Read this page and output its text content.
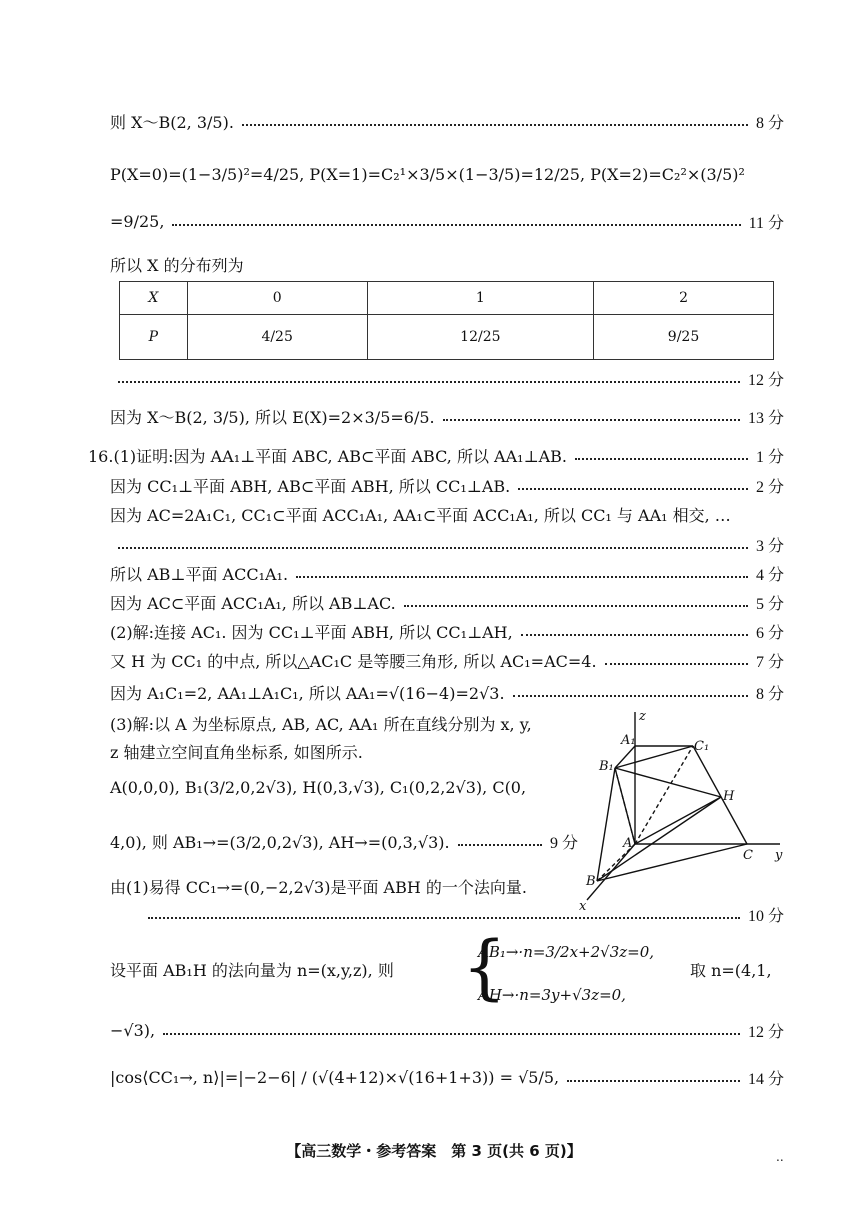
则 X～B(2, 3/5).	8 分
P(X=0)=(1−3/5)²=4/25, P(X=1)=C₂¹×3/5×(1−3/5)=12/25, P(X=2)=C₂²×(3/5)²
=9/25,	11 分
所以 X 的分布列为
12 分
因为 X～B(2, 3/5), 所以 E(X)=2×3/5=6/5.	13 分
16.(1)证明:因为 AA₁⊥平面 ABC, AB⊂平面 ABC, 所以 AA₁⊥AB.	1 分
因为 CC₁⊥平面 ABH, AB⊂平面 ABH, 所以 CC₁⊥AB.	2 分
因为 AC=2A₁C₁, CC₁⊂平面 ACC₁A₁, AA₁⊂平面 ACC₁A₁, 所以 CC₁ 与 AA₁ 相交, …
3 分
所以 AB⊥平面 ACC₁A₁.	4 分
因为 AC⊂平面 ACC₁A₁, 所以 AB⊥AC.	5 分
(2)解:连接 AC₁. 因为 CC₁⊥平面 ABH, 所以 CC₁⊥AH,	6 分
又 H 为 CC₁ 的中点, 所以△AC₁C 是等腰三角形, 所以 AC₁=AC=4.	7 分
因为 A₁C₁=2, AA₁⊥A₁C₁, 所以 AA₁=√(16−4)=2√3.	8 分
(3)解:以 A 为坐标原点, AB, AC, AA₁ 所在直线分别为 x, y,
z 轴建立空间直角坐标系, 如图所示.
A(0,0,0), B₁(3/2,0,2√3), H(0,3,√3), C₁(0,2,2√3), C(0,
4,0), 则 AB₁→=(3/2,0,2√3), AH→=(0,3,√3).	9 分
由(1)易得 CC₁→=(0,−2,2√3)是平面 ABH 的一个法向量.
10 分
设平面 AB₁H 的法向量为 n=(x,y,z), 则	取 n=(4,1,
−√3),	12 分
|cos⟨CC₁→, n⟩|=|−2−6| / (√(4+12)×√(16+1+3)) = √5/5,	14 分
X	0	1	2
P	4/25	12/25	9/25
{
AB₁→·n=3/2x+2√3z=0,
AH→·n=3y+√3z=0,
z
A₁	C₁
B₁
H
A
C y
B
x
【高三数学・参考答案　第 3 页(共 6 页)】	..
